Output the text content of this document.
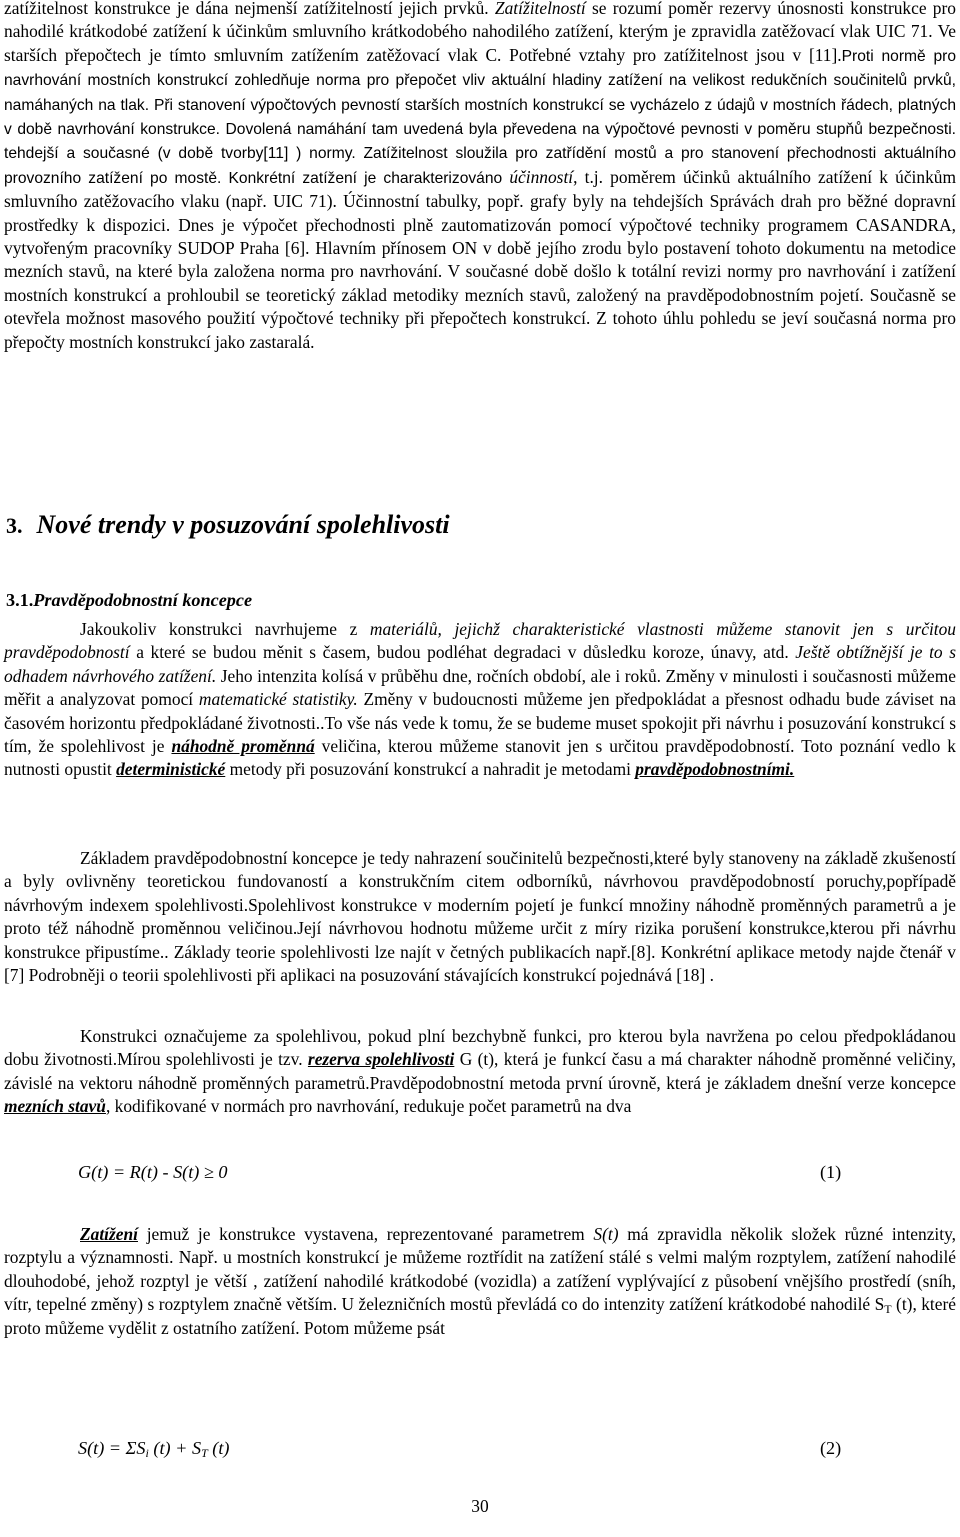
zatížitelnost konstrukce je dána nejmenší zatížitelností jejich prvků. Zatížitelností se rozumí poměr rezervy únosnosti konstrukce pro nahodilé krátkodobé zatížení k účinkům smluvního krátkodobého nahodilého zatížení, kterým je zpravidla zatěžovací vlak UIC 71. Ve starších přepočtech je tímto smluvním zatížením zatěžovací vlak C. Potřebné vztahy pro zatížitelnost jsou v [11].Proti normě pro navrhování mostních konstrukcí zohledňuje norma pro přepočet vliv aktuální hladiny zatížení na velikost redukčních součinitelů prvků, namáhaných na tlak. Při stanovení výpočtových pevností starších mostních konstrukcí se vycházelo z údajů v mostních řádech, platných v době navrhování konstrukce. Dovolená namáhání tam uvedená byla převedena na výpočtové pevnosti v poměru stupňů bezpečnosti. tehdejší a současné (v době tvorby[11] ) normy. Zatížitelnost sloužila pro zatřídění mostů a pro stanovení přechodnosti aktuálního provozního zatížení po mostě. Konkrétní zatížení je charakterizováno účinností, t.j. poměrem účinků aktuálního zatížení k účinkům smluvního zatěžovacího vlaku (např. UIC 71). Účinnostní tabulky, popř. grafy byly na tehdejších Správách drah pro běžné dopravní prostředky k dispozici. Dnes je výpočet přechodnosti plně zautomatizován pomocí výpočtové techniky programem CASANDRA, vytvořeným pracovníky SUDOP Praha [6]. Hlavním přínosem ON v době jejího zrodu bylo postavení tohoto dokumentu na metodice mezních stavů, na které byla založena norma pro navrhování. V současné době došlo k totální revizi normy pro navrhování i zatížení mostních konstrukcí a prohloubil se teoretický základ metodiky mezních stavů, založený na pravděpodobnostním pojetí. Současně se otevřela možnost masového použití výpočtové techniky při přepočtech konstrukcí. Z tohoto úhlu pohledu se jeví současná norma pro přepočty mostních konstrukcí jako zastaralá.

3. Nové trendy v posuzování spolehlivosti
3.1.Pravděpodobnostní koncepce

Jakoukoliv konstrukci navrhujeme z materiálů, jejichž charakteristické vlastnosti můžeme stanovit jen s určitou pravděpodobností a které se budou měnit s časem, budou podléhat degradaci v důsledku koroze, únavy, atd. Ještě obtížnější je to s odhadem návrhového zatížení. Jeho intenzita kolísá v průběhu dne, ročních období, ale i roků. Změny v minulosti i současnosti můžeme měřit a analyzovat pomocí matematické statistiky. Změny v budoucnosti můžeme jen předpokládat a přesnost odhadu bude záviset na časovém horizontu předpokládané životnosti..To vše nás vede k tomu, že se budeme muset spokojit při návrhu i posuzování konstrukcí s tím, že spolehlivost je náhodně proměnná veličina, kterou můžeme stanovit jen s určitou pravděpodobností. Toto poznání vedlo k nutnosti opustit deterministické metody při posuzování konstrukcí a nahradit je metodami pravděpodobnostními.

Základem pravděpodobnostní koncepce je tedy nahrazení součinitelů bezpečnosti,které byly stanoveny na základě zkušeností a byly ovlivněny teoretickou fundovaností a konstrukčním citem odborníků, návrhovou pravděpodobností poruchy,popřípadě návrhovým indexem spolehlivosti.Spolehlivost konstrukce v moderním pojetí je funkcí množiny náhodně proměnných parametrů a je proto též náhodně proměnnou veličinou.Její návrhovou hodnotu můžeme určit z míry rizika porušení konstrukce,kterou při návrhu konstrukce připustíme.. Základy teorie spolehlivosti lze najít v četných publikacích např.[8]. Konkrétní aplikace metody najde čtenář v [7] Podrobněji o teorii spolehlivosti při aplikaci na posuzování stávajících konstrukcí pojednává [18] .

Konstrukci označujeme za spolehlivou, pokud plní bezchybně funkci, pro kterou byla navržena po celou předpokládanou dobu životnosti.Mírou spolehlivosti je tzv. rezerva spolehlivosti G (t), která je funkcí času a má charakter náhodně proměnné veličiny, závislé na vektoru náhodně proměnných parametrů.Pravděpodobnostní metoda první úrovně, která je základem dnešní verze koncepce mezních stavů, kodifikované v normách pro navrhování, redukuje počet parametrů na dva

G(t) = R(t) - S(t) ≥ 0	(1)

Zatížení jemuž je konstrukce vystavena, reprezentované parametrem S(t) má zpravidla několik složek různé intenzity, rozptylu a významnosti. Např. u mostních konstrukcí je můžeme roztřídit na zatížení stálé s velmi malým rozptylem, zatížení nahodilé dlouhodobé, jehož rozptyl je větší , zatížení nahodilé krátkodobé (vozidla) a zatížení vyplývající z působení vnějšího prostředí (sníh, vítr, tepelné změny) s rozptylem značně větším. U železničních mostů převládá co do intenzity zatížení krátkodobé nahodilé $S_T$ (t), které proto můžeme vydělit z ostatního zatížení. Potom můžeme psát

$S(t) = \Sigma S_i$ $(t) + S_T$ (t)	(2)

30
